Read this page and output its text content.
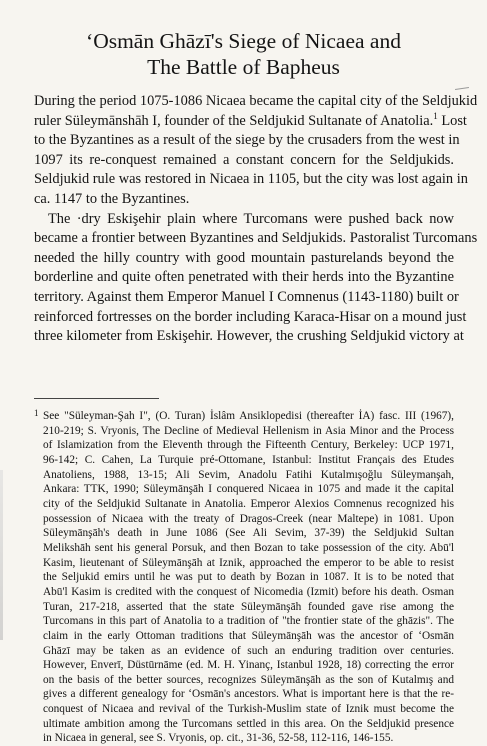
‘Osmān Ghāzī's Siege of Nicaea and
The Battle of Bapheus

During the period 1075-1086 Nicaea became the capital city of the Seldjukid
ruler Süleymānshāh I, founder of the Seldjukid Sultanate of Anatolia.$^1$ Lost
to the Byzantines as a result of the siege by the crusaders from the west in
1097 its re-conquest remained a constant concern for the Seldjukids.
Seldjukid rule was restored in Nicaea in 1105, but the city was lost again in
ca. 1147 to the Byzantines.

The ·dry Eskişehir plain where Turcomans were pushed back now
became a frontier between Byzantines and Seldjukids. Pastoralist Turcomans
needed the hilly country with good mountain pasturelands beyond the
borderline and quite often penetrated with their herds into the Byzantine
territory. Against them Emperor Manuel I Comnenus (1143-1180) built or
reinforced fortresses on the border including Karaca-Hisar on a mound just
three kilometer from Eskişehir. However, the crushing Seldjukid victory at

1 See "Süleyman-Şah I", (O. Turan) İslâm Ansiklopedisi (thereafter İA) fasc. III (1967),
210-219; S. Vryonis, The Decline of Medieval Hellenism in Asia Minor and the Process
of Islamization from the Eleventh through the Fifteenth Century, Berkeley: UCP 1971,
96-142; C. Cahen, La Turquie pré-Ottomane, Istanbul: Institut Français des Etudes
Anatoliens, 1988, 13-15; Ali Sevim, Anadolu Fatihi Kutalmışoğlu Süleymanşah,
Ankara: TTK, 1990; Süleymānşāh I conquered Nicaea in 1075 and made it the capital
city of the Seldjukid Sultanate in Anatolia. Emperor Alexios Comnenus recognized his
possession of Nicaea with the treaty of Dragos-Creek (near Maltepe) in 1081. Upon
Süleymānşāh's death in June 1086 (See Ali Sevim, 37-39) the Seldjukid Sultan
Melikshāh sent his general Porsuk, and then Bozan to take possession of the city. Abū'l
Kasim, lieutenant of Süleymānşāh at Iznik, approached the emperor to be able to resist
the Seljukid emirs until he was put to death by Bozan in 1087. It is to be noted that
Abū'l Kasim is credited with the conquest of Nicomedia (Izmit) before his death. Osman
Turan, 217-218, asserted that the state Süleymānşāh founded gave rise among the
Turcomans in this part of Anatolia to a tradition of "the frontier state of the ghāzis". The
claim in the early Ottoman traditions that Süleymānşāh was the ancestor of ‘Osmān
Ghāzī may be taken as an evidence of such an enduring tradition over centuries.
However, Enverī, Düstūrnāme (ed. M. H. Yinanç, Istanbul 1928, 18) correcting the error
on the basis of the better sources, recognizes Süleymānşāh as the son of Kutalmış and
gives a different genealogy for ‘Osmān's ancestors. What is important here is that the re-
conquest of Nicaea and revival of the Turkish-Muslim state of Iznik must become the
ultimate ambition among the Turcomans settled in this area. On the Seldjukid presence
in Nicaea in general, see S. Vryonis, op. cit., 31-36, 52-58, 112-116, 146-155.
